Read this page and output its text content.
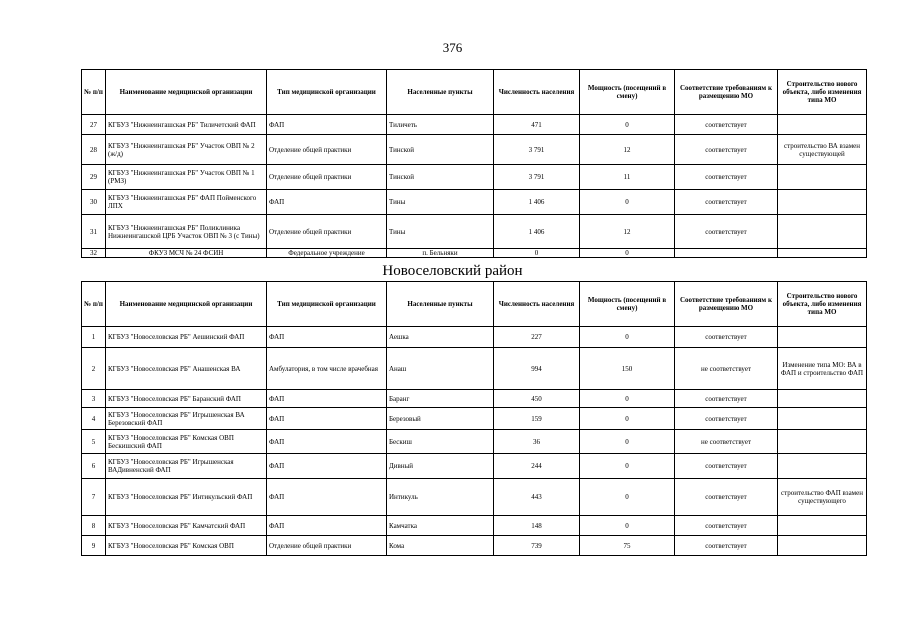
376
№ п/п	Наименование медицинской организации	Тип медицинской организации	Населенные пункты	Численность населения	Мощность (посещений в смену)	Соответствие требованиям к размещению МО	Строительство нового объекта, либо изменения типа МО
27	КГБУЗ "Нижнеингашская РБ" Тиличетский ФАП	ФАП	Тиличеть	471	0	соответствует	
28	КГБУЗ "Нижнеингашская РБ" Участок ОВП № 2 (ж/д)	Отделение общей практики	Тинской	3 791	12	соответствует	строительство ВА взамен существующей
29	КГБУЗ "Нижнеингашская РБ" Участок ОВП № 1 (РМЗ)	Отделение общей практики	Тинской	3 791	11	соответствует	
30	КГБУЗ "Нижнеингашская РБ" ФАП Пойменского ЛПХ	ФАП	Тины	1 406	0	соответствует	
31	КГБУЗ "Нижнеингашская РБ" Поликлиника Нижнеингашской ЦРБ Участок ОВП № 3 (с Тины)	Отделение общей практики	Тины	1 406	12	соответствует	
32	ФКУЗ МСЧ № 24 ФСИН	Федеральное учреждение	п. Бельняки	0	0		
Новоселовский район
№ п/п	Наименование медицинской организации	Тип медицинской организации	Населенные пункты	Численность населения	Мощность (посещений в смену)	Соответствие требованиям к размещению МО	Строительство нового объекта, либо изменения типа МО
1	КГБУЗ "Новоселовская РБ" Аешинский ФАП	ФАП	Аешка	227	0	соответствует	
2	КГБУЗ "Новоселовская РБ" Анашенская ВА	Амбулатория, в том числе врачебная	Анаш	994	150	не соответствует	Изменение типа МО: ВА в ФАП и строительство ФАП
3	КГБУЗ "Новоселовская РБ" Баранский ФАП	ФАП	Баранг	450	0	соответствует	
4	КГБУЗ "Новоселовская РБ" Игрышенская ВА Березовский ФАП	ФАП	Березовый	159	0	соответствует	
5	КГБУЗ "Новоселовская РБ" Комская ОВП Бескишский ФАП	ФАП	Бескиш	36	0	не соответствует	
6	КГБУЗ "Новоселовская РБ" Игрышенская ВАДивненский ФАП	ФАП	Дивный	244	0	соответствует	
7	КГБУЗ "Новоселовская РБ" Интикульский ФАП	ФАП	Интикуль	443	0	соответствует	строительство ФАП взамен существующего
8	КГБУЗ "Новоселовская РБ" Камчатский ФАП	ФАП	Камчатка	148	0	соответствует	
9	КГБУЗ "Новоселовская РБ" Комская ОВП	Отделение общей практики	Кома	739	75	соответствует	
